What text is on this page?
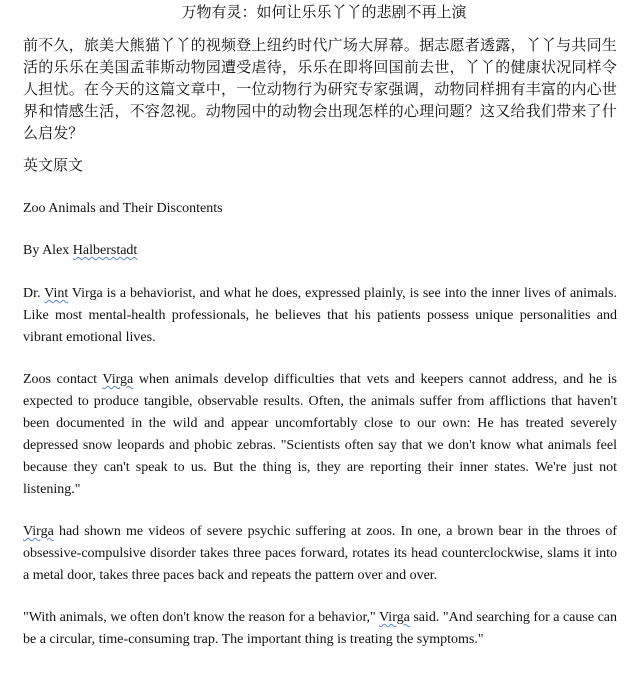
万物有灵：如何让乐乐丫丫的悲剧不再上演

前不久，旅美大熊猫丫丫的视频登上纽约时代广场大屏幕。据志愿者透露，丫丫与共同生活的乐乐在美国孟菲斯动物园遭受虐待，乐乐在即将回国前去世，丫丫的健康状况同样令人担忧。在今天的这篇文章中，一位动物行为研究专家强调，动物同样拥有丰富的内心世界和情感生活，不容忽视。动物园中的动物会出现怎样的心理问题？这又给我们带来了什么启发？

英文原文

Zoo Animals and Their Discontents

By Alex Halberstadt

Dr. Vint Virga is a behaviorist, and what he does, expressed plainly, is see into the inner lives of animals. Like most mental-health professionals, he believes that his patients possess unique personalities and vibrant emotional lives.

Zoos contact Virga when animals develop difficulties that vets and keepers cannot address, and he is expected to produce tangible, observable results. Often, the animals suffer from afflictions that haven't been documented in the wild and appear uncomfortably close to our own: He has treated severely depressed snow leopards and phobic zebras. "Scientists often say that we don't know what animals feel because they can't speak to us. But the thing is, they are reporting their inner states. We're just not listening."

Virga had shown me videos of severe psychic suffering at zoos. In one, a brown bear in the throes of obsessive-compulsive disorder takes three paces forward, rotates its head counterclockwise, slams it into a metal door, takes three paces back and repeats the pattern over and over.

"With animals, we often don't know the reason for a behavior," Virga said. "And searching for a cause can be a circular, time-consuming trap. The important thing is treating the symptoms."
